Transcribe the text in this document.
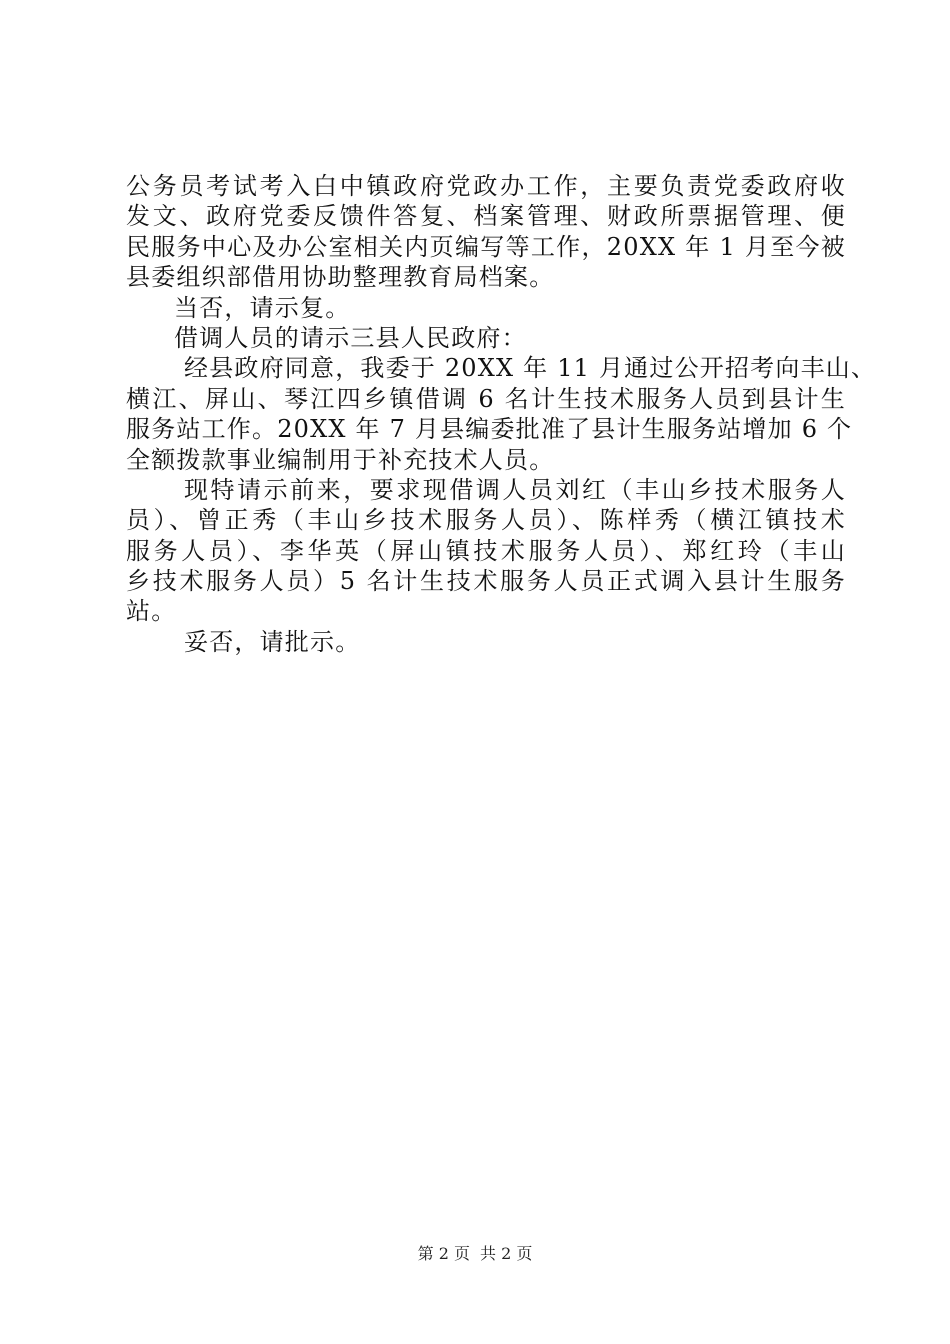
公务员考试考入白中镇政府党政办工作，主要负责党委政府收
发文、政府党委反馈件答复、档案管理、财政所票据管理、便
民服务中心及办公室相关内页编写等工作，20XX 年 1 月至今被
县委组织部借用协助整理教育局档案。
当否，请示复。
借调人员的请示三县人民政府：
经县政府同意，我委于 20XX 年 11 月通过公开招考向丰山、
横江、屏山、琴江四乡镇借调 6 名计生技术服务人员到县计生
服务站工作。20XX 年 7 月县编委批准了县计生服务站增加 6 个
全额拨款事业编制用于补充技术人员。
现特请示前来，要求现借调人员刘红（丰山乡技术服务人
员）、曾正秀（丰山乡技术服务人员）、陈样秀（横江镇技术
服务人员）、李华英（屏山镇技术服务人员）、郑红玲（丰山
乡技术服务人员）5 名计生技术服务人员正式调入县计生服务
站。
妥否，请批示。
第 2 页 共 2 页
